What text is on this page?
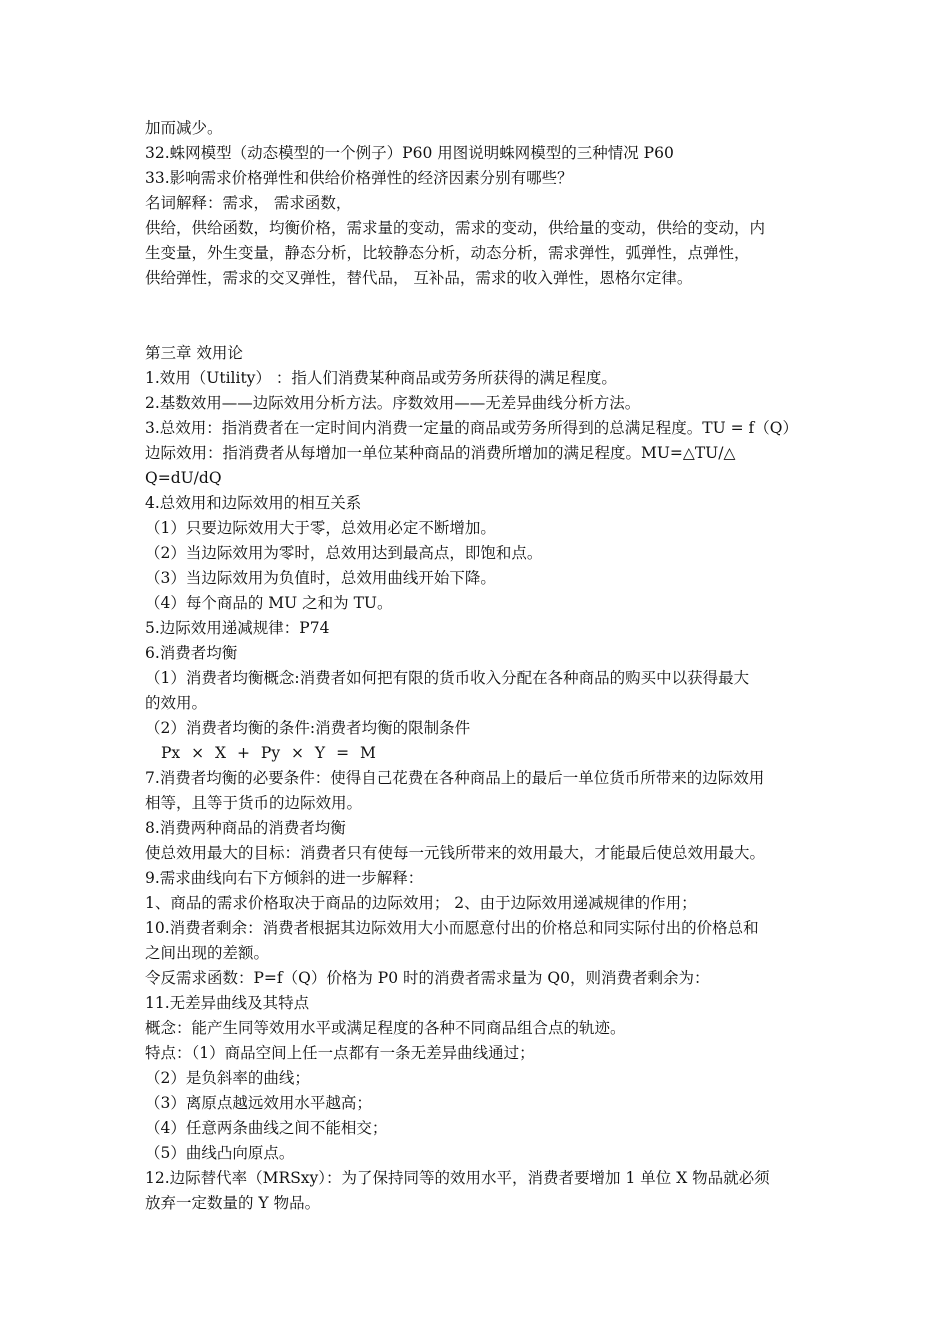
加而减少。
32.蛛网模型（动态模型的一个例子）P60 用图说明蛛网模型的三种情况 P60
33.影响需求价格弹性和供给价格弹性的经济因素分别有哪些？
名词解释：需求， 需求函数，
供给，供给函数，均衡价格，需求量的变动，需求的变动，供给量的变动，供给的变动，内
生变量，外生变量，静态分析，比较静态分析，动态分析，需求弹性，弧弹性，点弹性，
供给弹性，需求的交叉弹性，替代品， 互补品，需求的收入弹性，恩格尔定律。
第三章 效用论
1.效用（Utility） ：指人们消费某种商品或劳务所获得的满足程度。
2.基数效用——边际效用分析方法。序数效用——无差异曲线分析方法。
3.总效用：指消费者在一定时间内消费一定量的商品或劳务所得到的总满足程度。TU = f（Q）
边际效用：指消费者从每增加一单位某种商品的消费所增加的满足程度。MU=△TU/△
Q=dU/dQ
4.总效用和边际效用的相互关系
（1）只要边际效用大于零，总效用必定不断增加。
（2）当边际效用为零时，总效用达到最高点，即饱和点。
（3）当边际效用为负值时，总效用曲线开始下降。
（4）每个商品的 MU 之和为 TU。
5.边际效用递减规律：P74
6.消费者均衡
（1）消费者均衡概念:消费者如何把有限的货币收入分配在各种商品的购买中以获得最大
的效用。
（2）消费者均衡的条件:消费者均衡的限制条件
Px × X + Py × Y = M
7.消费者均衡的必要条件：使得自己花费在各种商品上的最后一单位货币所带来的边际效用
相等，且等于货币的边际效用。
8.消费两种商品的消费者均衡
使总效用最大的目标：消费者只有使每一元钱所带来的效用最大，才能最后使总效用最大。
9.需求曲线向右下方倾斜的进一步解释：
1、商品的需求价格取决于商品的边际效用； 2、由于边际效用递减规律的作用；
10.消费者剩余：消费者根据其边际效用大小而愿意付出的价格总和同实际付出的价格总和
之间出现的差额。
令反需求函数：P=f（Q）价格为 P0 时的消费者需求量为 Q0，则消费者剩余为：
11.无差异曲线及其特点
概念：能产生同等效用水平或满足程度的各种不同商品组合点的轨迹。
特点：（1）商品空间上任一点都有一条无差异曲线通过；
（2）是负斜率的曲线；
（3）离原点越远效用水平越高；
（4）任意两条曲线之间不能相交；
（5）曲线凸向原点。
12.边际替代率（MRSxy）：为了保持同等的效用水平，消费者要增加 1 单位 X 物品就必须
放弃一定数量的 Y 物品。
